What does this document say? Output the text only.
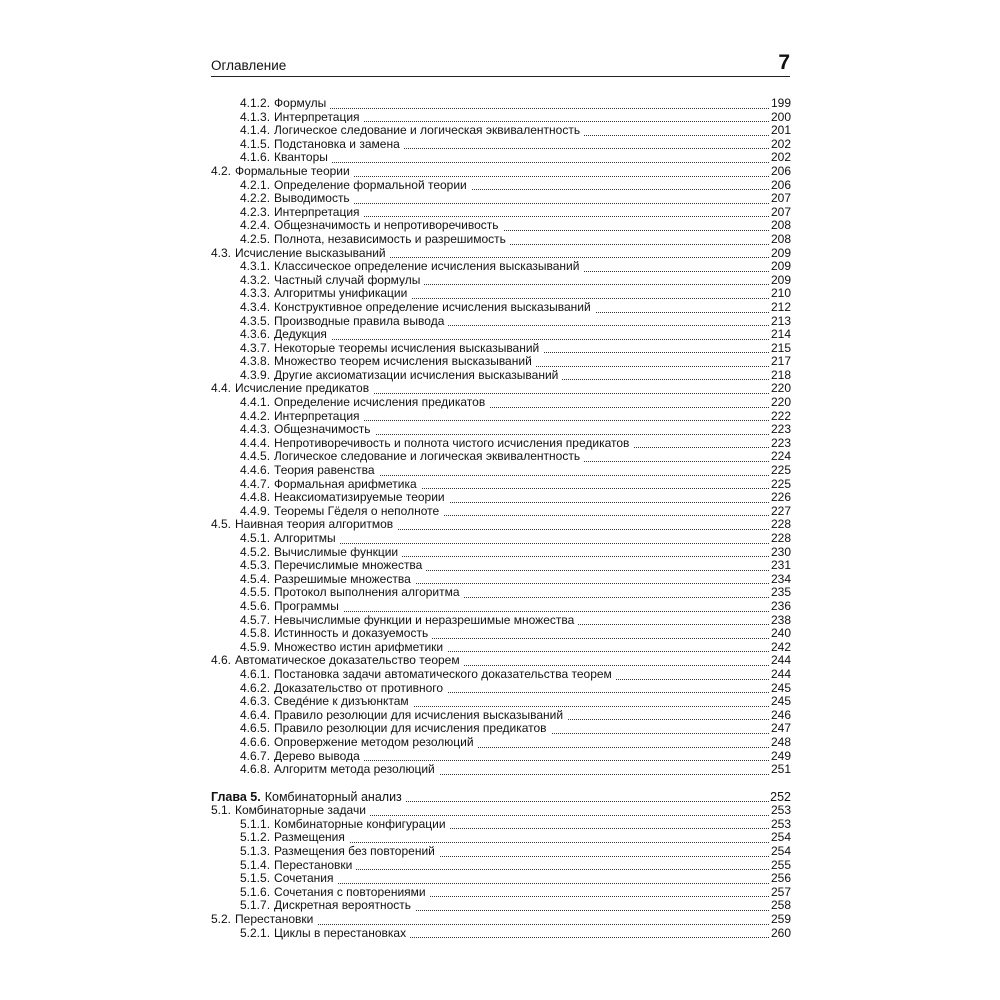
Оглавление	7
4.1.2. Формулы	199
4.1.3. Интерпретация	200
4.1.4. Логическое следование и логическая эквивалентность	201
4.1.5. Подстановка и замена	202
4.1.6. Кванторы	202
4.2. Формальные теории	206
4.2.1. Определение формальной теории	206
4.2.2. Выводимость	207
4.2.3. Интерпретация	207
4.2.4. Общезначимость и непротиворечивость	208
4.2.5. Полнота, независимость и разрешимость	208
4.3. Исчисление высказываний	209
4.3.1. Классическое определение исчисления высказываний	209
4.3.2. Частный случай формулы	209
4.3.3. Алгоритмы унификации	210
4.3.4. Конструктивное определение исчисления высказываний	212
4.3.5. Производные правила вывода	213
4.3.6. Дедукция	214
4.3.7. Некоторые теоремы исчисления высказываний	215
4.3.8. Множество теорем исчисления высказываний	217
4.3.9. Другие аксиоматизации исчисления высказываний	218
4.4. Исчисление предикатов	220
4.4.1. Определение исчисления предикатов	220
4.4.2. Интерпретация	222
4.4.3. Общезначимость	223
4.4.4. Непротиворечивость и полнота чистого исчисления предикатов	223
4.4.5. Логическое следование и логическая эквивалентность	224
4.4.6. Теория равенства	225
4.4.7. Формальная арифметика	225
4.4.8. Неаксиоматизируемые теории	226
4.4.9. Теоремы Гёделя о неполноте	227
4.5. Наивная теория алгоритмов	228
4.5.1. Алгоритмы	228
4.5.2. Вычислимые функции	230
4.5.3. Перечислимые множества	231
4.5.4. Разрешимые множества	234
4.5.5. Протокол выполнения алгоритма	235
4.5.6. Программы	236
4.5.7. Невычислимые функции и неразрешимые множества	238
4.5.8. Истинность и доказуемость	240
4.5.9. Множество истин арифметики	242
4.6. Автоматическое доказательство теорем	244
4.6.1. Постановка задачи автоматического доказательства теорем	244
4.6.2. Доказательство от противного	245
4.6.3. Сведéние к дизъюнктам	245
4.6.4. Правило резолюции для исчисления высказываний	246
4.6.5. Правило резолюции для исчисления предикатов	247
4.6.6. Опровержение методом резолюций	248
4.6.7. Дерево вывода	249
4.6.8. Алгоритм метода резолюций	251
Глава 5. Комбинаторный анализ	252
5.1. Комбинаторные задачи	253
5.1.1. Комбинаторные конфигурации	253
5.1.2. Размещения	254
5.1.3. Размещения без повторений	254
5.1.4. Перестановки	255
5.1.5. Сочетания	256
5.1.6. Сочетания с повторениями	257
5.1.7. Дискретная вероятность	258
5.2. Перестановки	259
5.2.1. Циклы в перестановках	260
